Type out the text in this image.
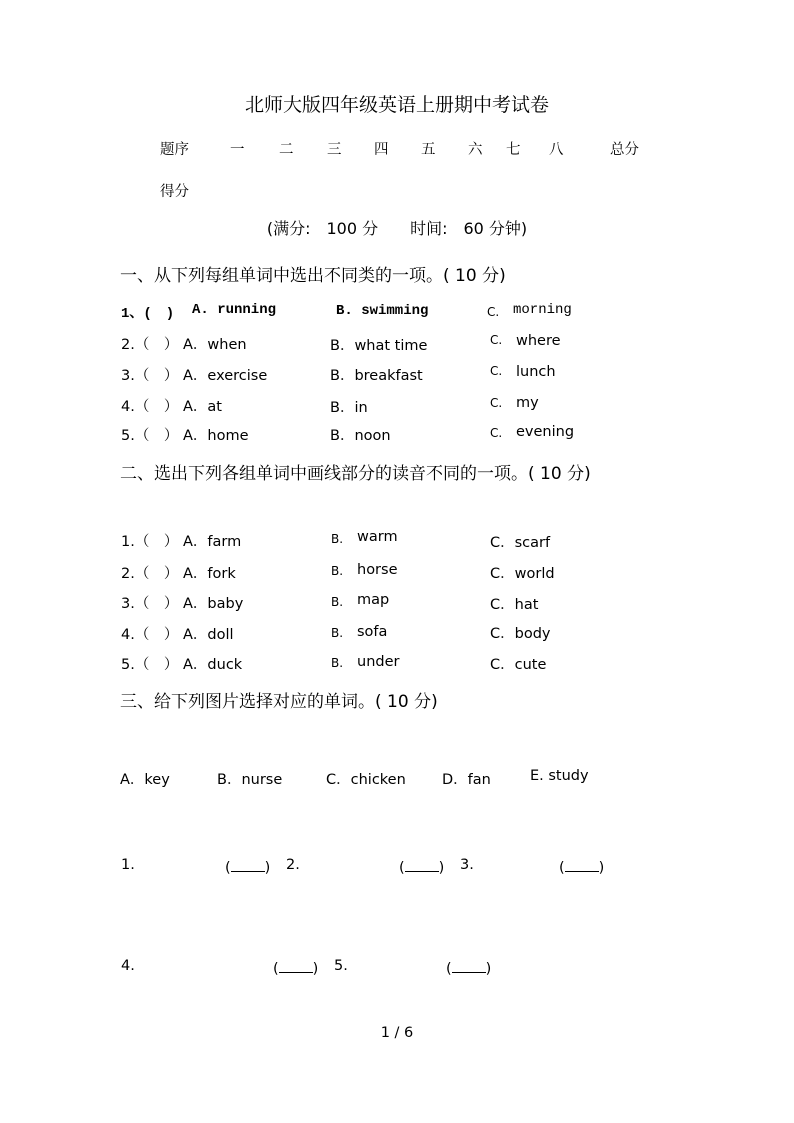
北师大版四年级英语上册期中考试卷
题序	一 二 三 四 五 六 七 八	总分
得分
(满分:　100 分　　时间:　60 分钟)
一、从下列每组单词中选出不同类的一项。( 10 分)
1、(　) A. running	B. swimming	C. morning
2.（　） A．when	B．what time	C. where
3.（　） A．exercise	B．breakfast	C. lunch
4.（　） A．at	B．in	C. my
5.（　） A．home	B．noon	C. evening
二、选出下列各组单词中画线部分的读音不同的一项。( 10 分)
1.（　） A．farm	B. warm	C．scarf
2.（　） A．fork	B. horse	C．world
3.（　） A．baby	B. map	C．hat
4.（　） A．doll	B. sofa	C．body
5.（　） A．duck	B. under	C．cute
三、给下列图片选择对应的单词。( 10 分)
A．key	B．nurse	C．chicken D．fan	E. study
1.	( ) 2.	( ) 3.	( )
4.	( ) 5.	( )
1 / 6
